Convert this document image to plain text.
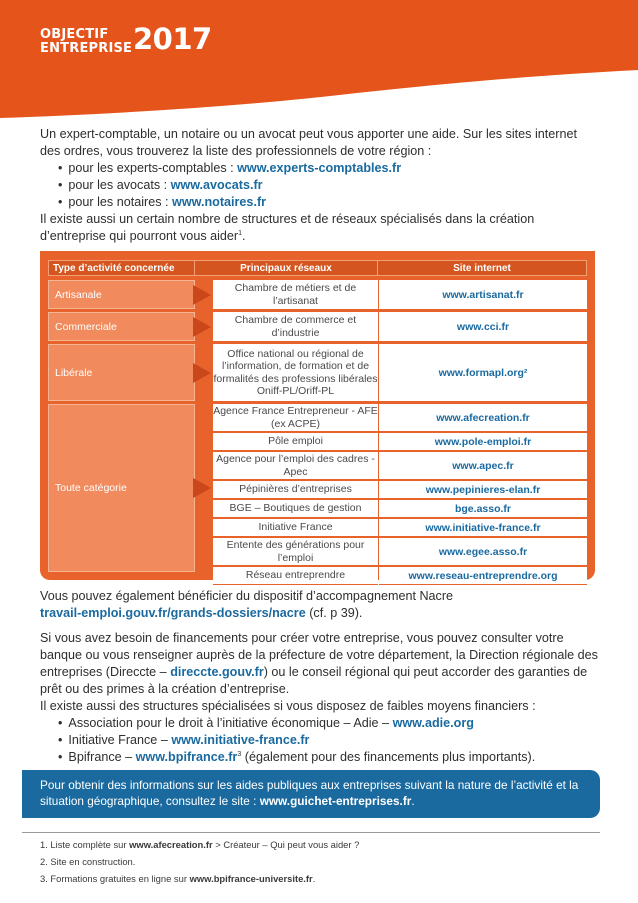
OBJECTIF
ENTREPRISE 2017

Un expert-comptable, un notaire ou un avocat peut vous apporter une aide. Sur les sites internet des ordres, vous trouverez la liste des professionnels de votre région :

• pour les experts-comptables : www.experts-comptables.fr
• pour les avocats : www.avocats.fr
• pour les notaires : www.notaires.fr

Il existe aussi un certain nombre de structures et de réseaux spécialisés dans la création d’entreprise qui pourront vous aider$^1$.

Type d’activité concernée	Principaux réseaux	Site internet
Artisanale
Commerciale
Libérale
Toute catégorie
Chambre de métiers et de l’artisanat
Chambre de commerce et d’industrie
Office national ou régional de l’information, de formation et de formalités des professions libérales Oniff-PL/Oriff-PL
Agence France Entrepreneur - AFE (ex ACPE)
Pôle emploi
Agence pour l’emploi des cadres - Apec
Pépinières d’entreprises
BGE – Boutiques de gestion
Initiative France
Entente des générations pour l’emploi
Réseau entreprendre
www.artisanat.fr
www.cci.fr
www.formapl.org²
www.afecreation.fr
www.pole-emploi.fr
www.apec.fr
www.pepinieres-elan.fr
bge.asso.fr
www.initiative-france.fr
www.egee.asso.fr
www.reseau-entreprendre.org

Vous pouvez également bénéficier du dispositif d’accompagnement Nacre
travail-emploi.gouv.fr/grands-dossiers/nacre (cf. p 39).

Si vous avez besoin de financements pour créer votre entreprise, vous pouvez consulter votre banque ou vous renseigner auprès de la préfecture de votre département, la Direction régionale des entreprises (Direccte – direccte.gouv.fr) ou le conseil régional qui peut accorder des garanties de prêt ou des primes à la création d’entreprise.

Il existe aussi des structures spécialisées si vous disposez de faibles moyens financiers :

• Association pour le droit à l’initiative économique – Adie – www.adie.org
• Initiative France – www.initiative-france.fr
• Bpifrance – $www.bpifrance.fr^3$ (également pour des financements plus importants).
Pour obtenir des informations sur les aides publiques aux entreprises suivant la nature de l’activité et la situation géographique, consultez le site : www.guichet-entreprises.fr.
1. Liste complète sur www.afecreation.fr > Créateur – Qui peut vous aider ?
2. Site en construction.
3. Formations gratuites en ligne sur www.bpifrance-universite.fr.
